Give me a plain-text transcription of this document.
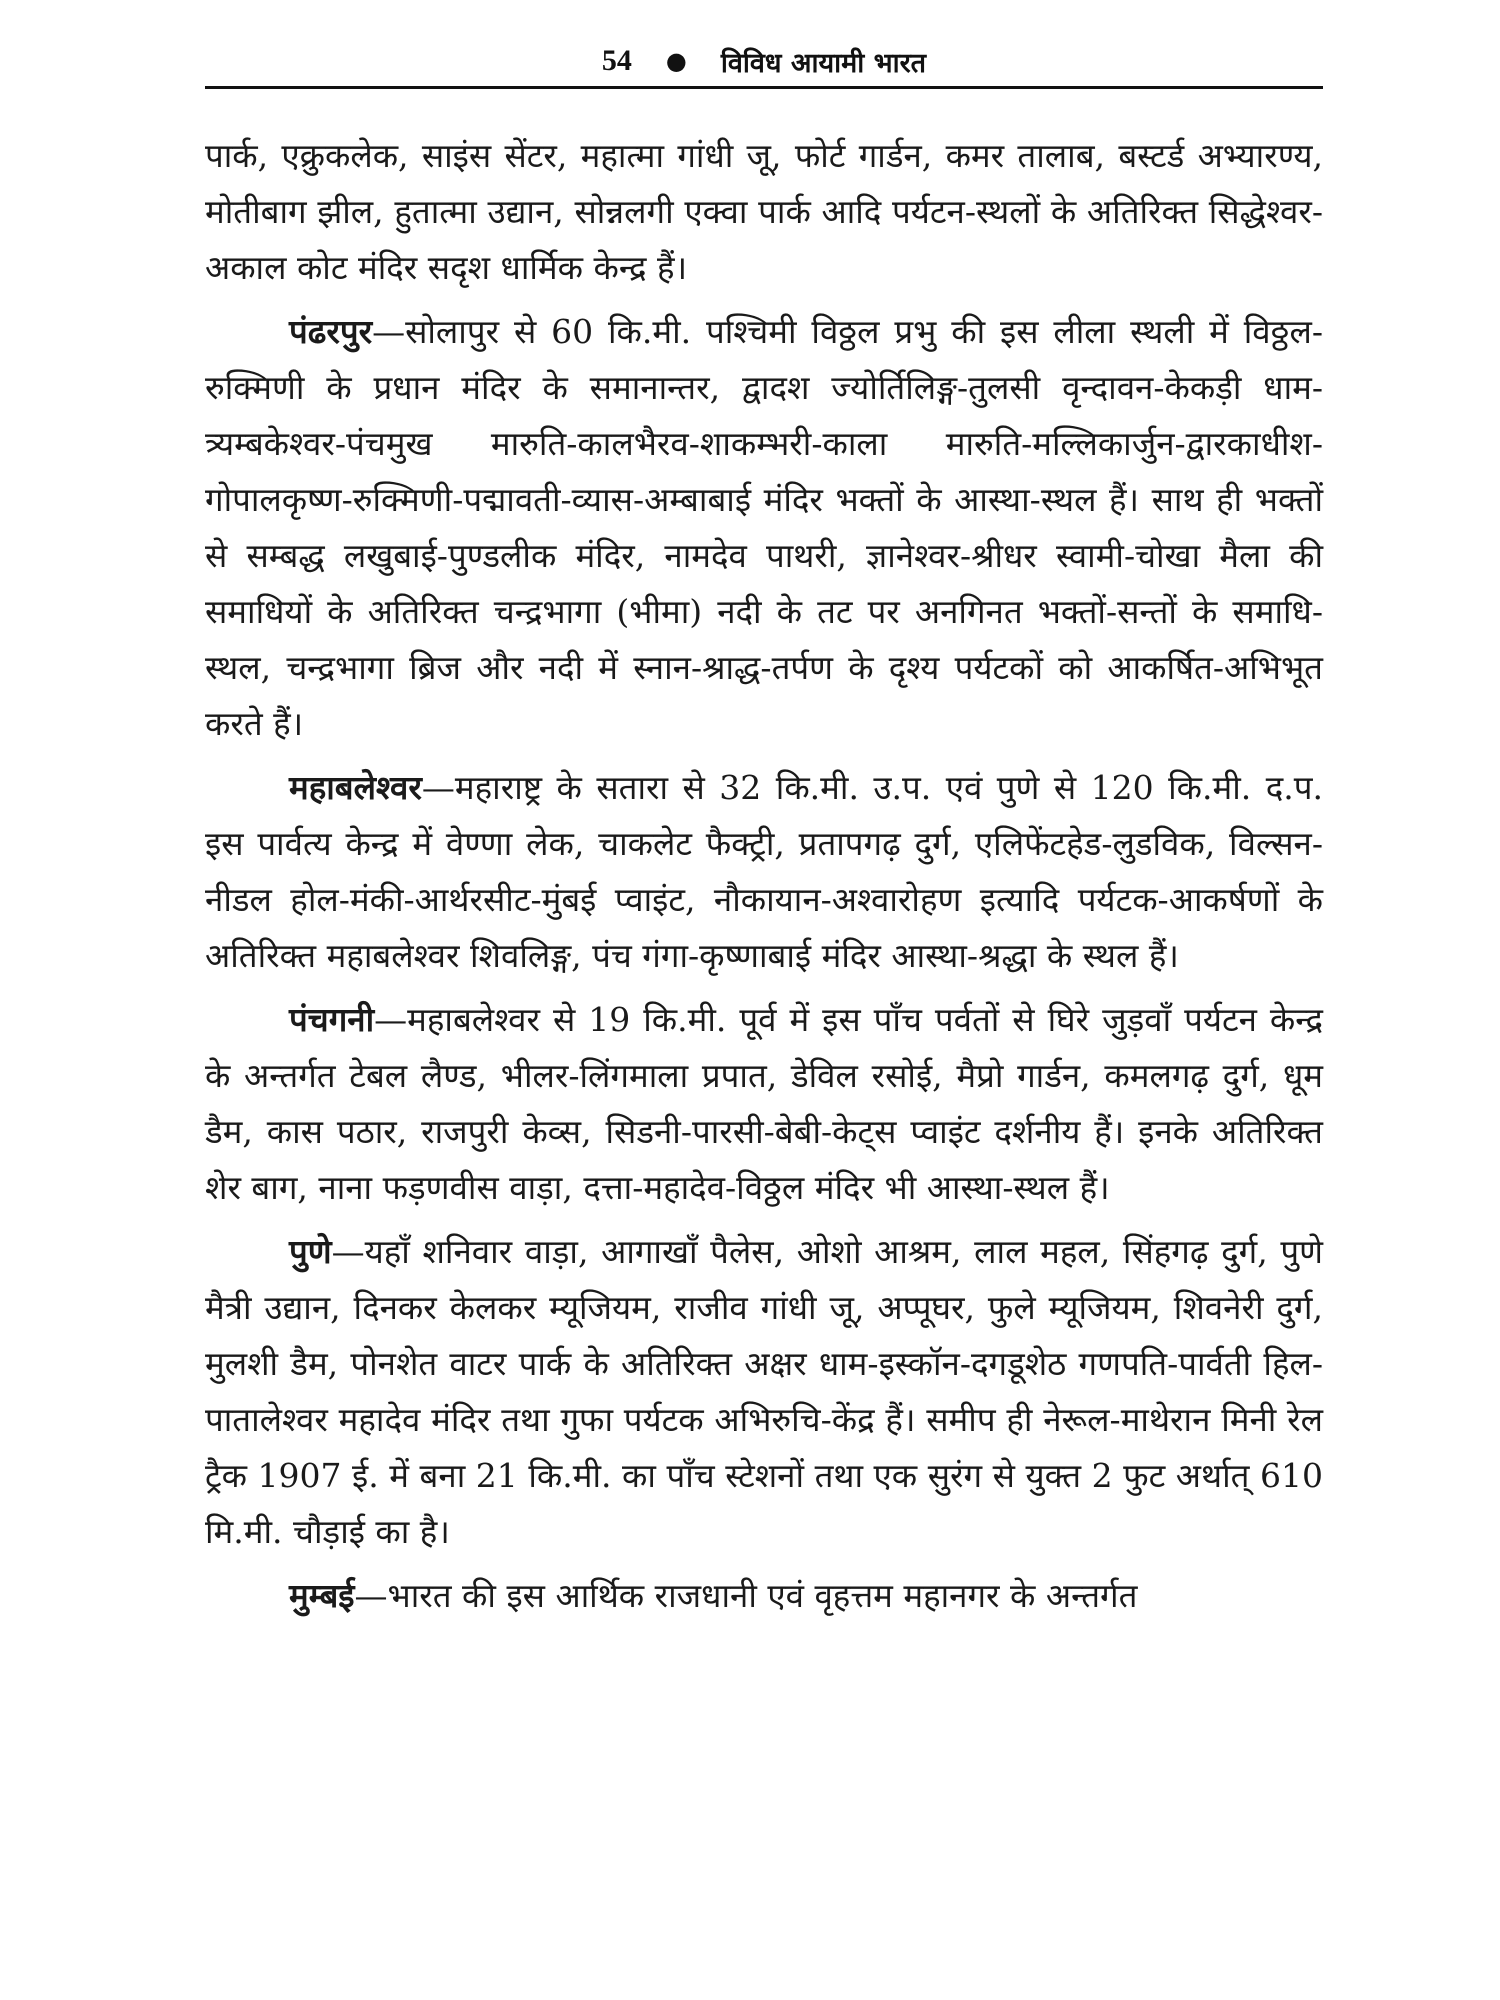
54 ● विविध आयामी भारत

पार्क, एक्रुकलेक, साइंस सेंटर, महात्मा गांधी जू, फोर्ट गार्डन, कमर तालाब, बस्टर्ड अभ्यारण्य, मोतीबाग झील, हुतात्मा उद्यान, सोन्नलगी एक्वा पार्क आदि पर्यटन-स्थलों के अतिरिक्त सिद्धेश्वर-अकाल कोट मंदिर सदृश धार्मिक केन्द्र हैं।

पंढरपुर—सोलापुर से 60 कि.मी. पश्चिमी विठ्ठल प्रभु की इस लीला स्थली में विठ्ठल-रुक्मिणी के प्रधान मंदिर के समानान्तर, द्वादश ज्योर्तिलिङ्ग-तुलसी वृन्दावन-केकड़ी धाम-त्र्यम्बकेश्वर-पंचमुख मारुति-कालभैरव-शाकम्भरी-काला मारुति-मल्लिकार्जुन-द्वारकाधीश-गोपालकृष्ण-रुक्मिणी-पद्मावती-व्यास-अम्बाबाई मंदिर भक्तों के आस्था-स्थल हैं। साथ ही भक्तों से सम्बद्ध लखुबाई-पुण्डलीक मंदिर, नामदेव पाथरी, ज्ञानेश्वर-श्रीधर स्वामी-चोखा मैला की समाधियों के अतिरिक्त चन्द्रभागा (भीमा) नदी के तट पर अनगिनत भक्तों-सन्तों के समाधि-स्थल, चन्द्रभागा ब्रिज और नदी में स्नान-श्राद्ध-तर्पण के दृश्य पर्यटकों को आकर्षित-अभिभूत करते हैं।

महाबलेश्वर—महाराष्ट्र के सतारा से 32 कि.मी. उ.प. एवं पुणे से 120 कि.मी. द.प. इस पार्वत्य केन्द्र में वेण्णा लेक, चाकलेट फैक्ट्री, प्रतापगढ़ दुर्ग, एलिफेंटहेड-लुडविक, विल्सन-नीडल होल-मंकी-आर्थरसीट-मुंबई प्वाइंट, नौकायान-अश्वारोहण इत्यादि पर्यटक-आकर्षणों के अतिरिक्त महाबलेश्वर शिवलिङ्ग, पंच गंगा-कृष्णाबाई मंदिर आस्था-श्रद्धा के स्थल हैं।

पंचगनी—महाबलेश्वर से 19 कि.मी. पूर्व में इस पाँच पर्वतों से घिरे जुड़वाँ पर्यटन केन्द्र के अन्तर्गत टेबल लैण्ड, भीलर-लिंगमाला प्रपात, डेविल रसोई, मैप्रो गार्डन, कमलगढ़ दुर्ग, धूम डैम, कास पठार, राजपुरी केव्स, सिडनी-पारसी-बेबी-केट्स प्वाइंट दर्शनीय हैं। इनके अतिरिक्त शेर बाग, नाना फड़णवीस वाड़ा, दत्ता-महादेव-विठ्ठल मंदिर भी आस्था-स्थल हैं।

पुणे—यहाँ शनिवार वाड़ा, आगाखाँ पैलेस, ओशो आश्रम, लाल महल, सिंहगढ़ दुर्ग, पुणे मैत्री उद्यान, दिनकर केलकर म्यूजियम, राजीव गांधी जू, अप्पूघर, फुले म्यूजियम, शिवनेरी दुर्ग, मुलशी डैम, पोनशेत वाटर पार्क के अतिरिक्त अक्षर धाम-इस्कॉन-दगडूशेठ गणपति-पार्वती हिल-पातालेश्वर महादेव मंदिर तथा गुफा पर्यटक अभिरुचि-केंद्र हैं। समीप ही नेरूल-माथेरान मिनी रेल ट्रैक 1907 ई. में बना 21 कि.मी. का पाँच स्टेशनों तथा एक सुरंग से युक्त 2 फुट अर्थात् 610 मि.मी. चौड़ाई का है।

मुम्बई—भारत की इस आर्थिक राजधानी एवं वृहत्तम महानगर के अन्तर्गत
